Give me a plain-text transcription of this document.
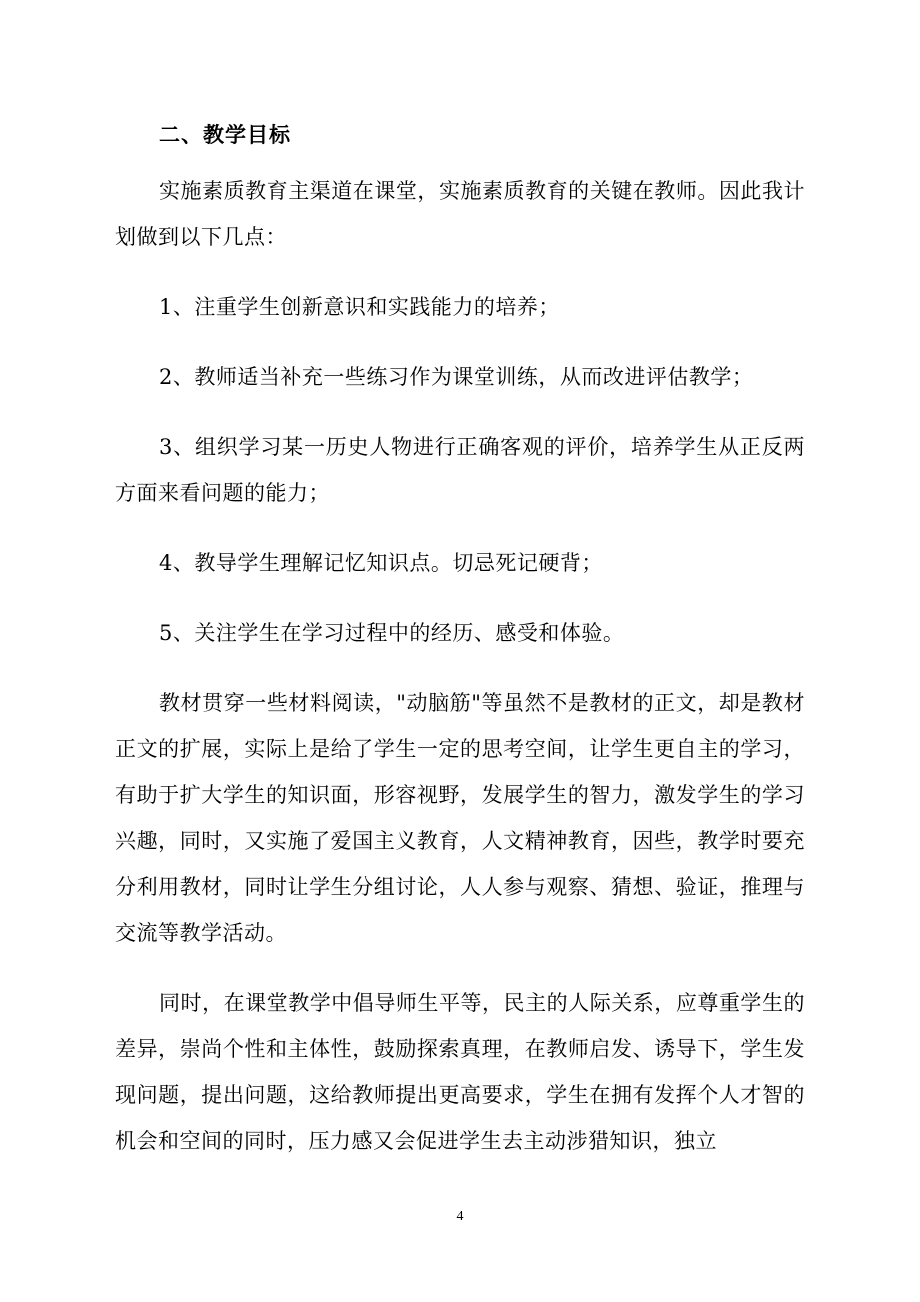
二、教学目标

实施素质教育主渠道在课堂，实施素质教育的关键在教师。因此我计划做到以下几点：

1、注重学生创新意识和实践能力的培养；

2、教师适当补充一些练习作为课堂训练，从而改进评估教学；

3、组织学习某一历史人物进行正确客观的评价，培养学生从正反两方面来看问题的能力；

4、教导学生理解记忆知识点。切忌死记硬背；

5、关注学生在学习过程中的经历、感受和体验。

教材贯穿一些材料阅读，"动脑筋"等虽然不是教材的正文，却是教材正文的扩展，实际上是给了学生一定的思考空间，让学生更自主的学习，有助于扩大学生的知识面，形容视野，发展学生的智力，激发学生的学习兴趣，同时，又实施了爱国主义教育，人文精神教育，因些，教学时要充分利用教材，同时让学生分组讨论，人人参与观察、猜想、验证，推理与交流等教学活动。

同时，在课堂教学中倡导师生平等，民主的人际关系，应尊重学生的差异，崇尚个性和主体性，鼓励探索真理，在教师启发、诱导下，学生发现问题，提出问题，这给教师提出更高要求，学生在拥有发挥个人才智的机会和空间的同时，压力感又会促进学生去主动涉猎知识，独立

4
